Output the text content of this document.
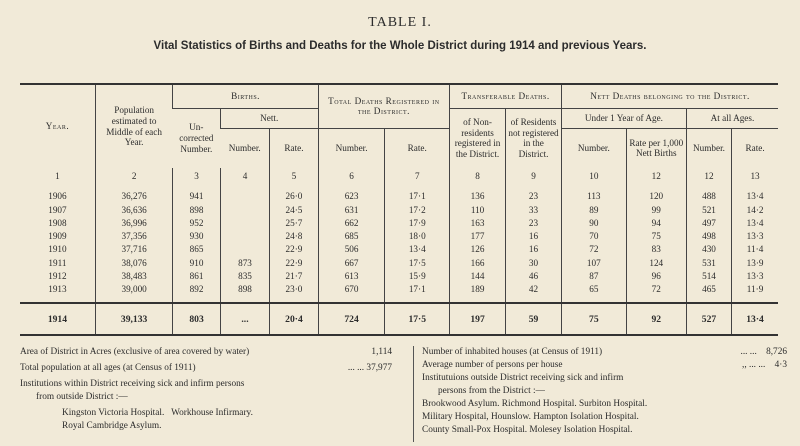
TABLE I.
Vital Statistics of Births and Deaths for the Whole District during 1914 and previous Years.
Year.	Population estimated to Middle of each Year.	Births.			Total Deaths Registered in the District.		Transferable Deaths.		Nett Deaths belonging to the District.			
		Un-corrected Number.	Nett.				of Non-residents registered in the District.	of Residents not registered in the District.	Under 1 Year of Age.		At all Ages.	
			Number.	Rate.	Number.	Rate.			Number.	Rate per 1,000 Nett Births	Number.	Rate.
1	2	3	4	5	6	7	8	9	10	12	12	13
1906	36,276	941		26·0	623	17·1	136	23	113	120	488	13·4
1907	36,636	898		24·5	631	17·2	110	33	89	99	521	14·2
1908	36,996	952		25·7	662	17·9	163	23	90	94	497	13·4
1909	37,356	930		24·8	685	18·0	177	16	70	75	498	13·3
1910	37,716	865		22·9	506	13·4	126	16	72	83	430	11·4
1911	38,076	910	873	22·9	667	17·5	166	30	107	124	531	13·9
1912	38,483	861	835	21·7	613	15·9	144	46	87	96	514	13·3
1913	39,000	892	898	23·0	670	17·1	189	42	65	72	465	11·9
1914	39,133	803	...	20·4	724	17·5	197	59	75	92	527	13·4
Area of District in Acres (exclusive of area covered by water)	1,114
Total population at all ages (at Census of 1911)	... ... 37,977
Institutions within District receiving sick and infirm persons
from outside District :—
Kingston Victoria Hospital. Workhouse Infirmary.
Royal Cambridge Asylum.
Number of inhabited houses (at Census of 1911)	... ... 8,726
Average number of persons per house	,, ... ... 4·3
Institutuions outside District receiving sick and infirm
persons from the District :—
Brookwood Asylum. Richmond Hospital. Surbiton Hospital.
Military Hospital, Hounslow. Hampton Isolation Hospital.
County Small-Pox Hospital. Molesey Isolation Hospital.
